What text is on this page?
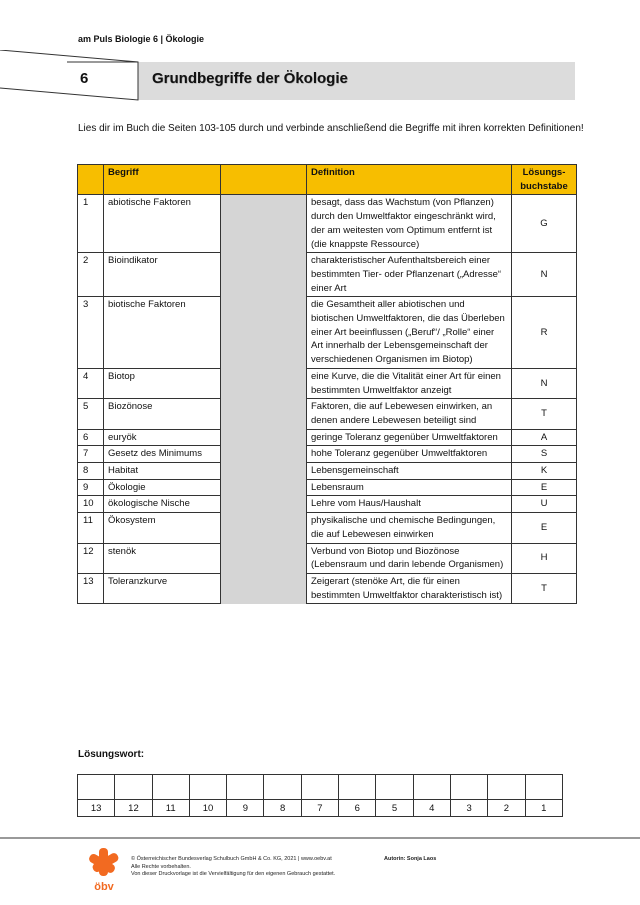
am Puls Biologie 6 | Ökologie
6	Grundbegriffe der Ökologie
Lies dir im Buch die Seiten 103-105 durch und verbinde anschließend die Begriffe mit ihren korrekten Definitionen!
	Begriff		Definition	Lösungs-buchstabe
1	abiotische Faktoren		besagt, dass das Wachstum (von Pflanzen) durch den Umweltfaktor eingeschränkt wird, der am weitesten vom Optimum entfernt ist (die knappste Ressource)	G
2	Bioindikator		charakteristischer Aufenthaltsbereich einer bestimmten Tier- oder Pflanzenart („Adresse“ einer Art	N
3	biotische Faktoren		die Gesamtheit aller abiotischen und biotischen Umweltfaktoren, die das Überleben einer Art beeinflussen („Beruf“/ „Rolle“ einer Art innerhalb der Lebensgemeinschaft der verschiedenen Organismen im Biotop)	R
4	Biotop		eine Kurve, die die Vitalität einer Art für einen bestimmten Umweltfaktor anzeigt	N
5	Biozönose		Faktoren, die auf Lebewesen einwirken, an denen andere Lebewesen beteiligt sind	T
6	euryök		geringe Toleranz gegenüber Umweltfaktoren	A
7	Gesetz des Minimums		hohe Toleranz gegenüber Umweltfaktoren	S
8	Habitat		Lebensgemeinschaft	K
9	Ökologie		Lebensraum	E
10	ökologische Nische		Lehre vom Haus/Haushalt	U
11	Ökosystem		physikalische und chemische Bedingungen, die auf Lebewesen einwirken	E
12	stenök		Verbund von Biotop und Biozönose (Lebensraum und darin lebende Organismen)	H
13	Toleranzkurve		Zeigerart (stenöke Art, die für einen bestimmten Umweltfaktor charakteristisch ist)	T
Lösungswort:

13	12	11	10	9	8	7	6	5	4	3	2	1
öbv
© Österreichischer Bundesverlag Schulbuch GmbH & Co. KG, 2021 | www.oebv.at
Alle Rechte vorbehalten.
Von dieser Druckvorlage ist die Vervielfältigung für den eigenen Gebrauch gestattet.
Autorin: Sonja Laos
